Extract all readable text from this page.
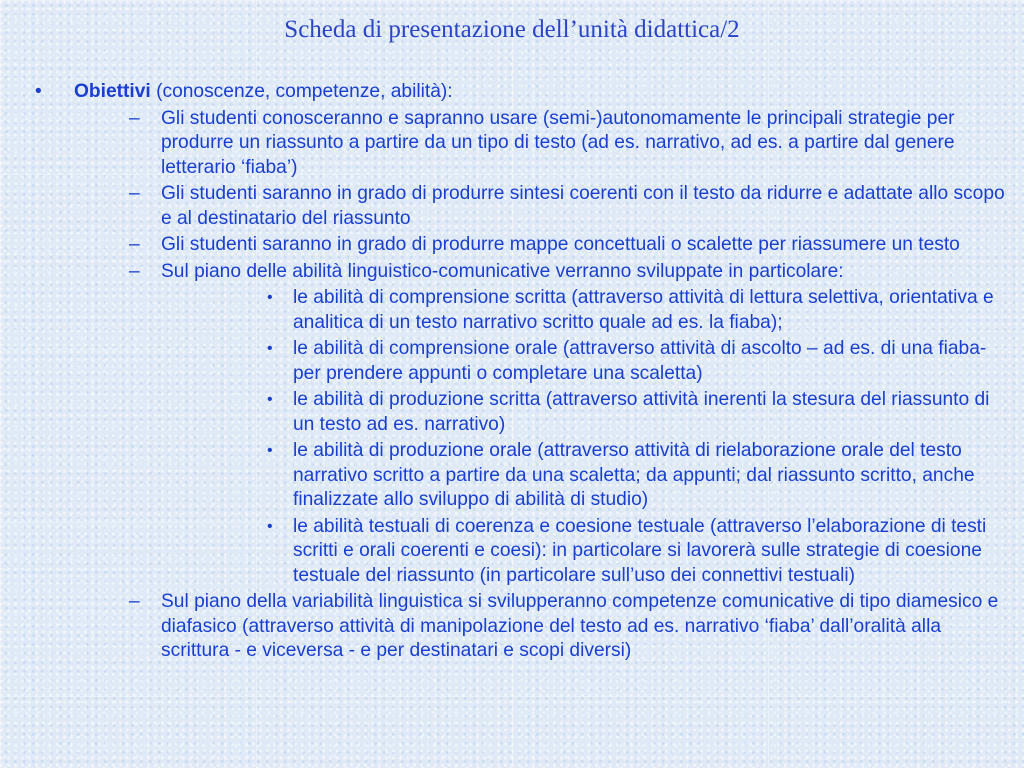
Scheda di presentazione dell’unità didattica/2
• Obiettivi (conoscenze, competenze, abilità):
– Gli studenti conosceranno e sapranno usare (semi-)autonomamente le principali strategie per produrre un riassunto a partire da un tipo di testo (ad es. narrativo, ad es. a partire dal genere letterario ‘fiaba’)
– Gli studenti saranno in grado di produrre sintesi coerenti con il testo da ridurre e adattate allo scopo e al destinatario del riassunto
– Gli studenti saranno in grado di produrre mappe concettuali o scalette per riassumere un testo
– Sul piano delle abilità linguistico-comunicative verranno sviluppate in particolare:
• le abilità di comprensione scritta (attraverso attività di lettura selettiva, orientativa e analitica di un testo narrativo scritto quale ad es. la fiaba);
• le abilità di comprensione orale (attraverso attività di ascolto – ad es. di una fiaba- per prendere appunti o completare una scaletta)
• le abilità di produzione scritta (attraverso attività inerenti la stesura del riassunto di un testo ad es. narrativo)
• le abilità di produzione orale (attraverso attività di rielaborazione orale del testo narrativo scritto a partire da una scaletta; da appunti; dal riassunto scritto, anche finalizzate allo sviluppo di abilità di studio)
• le abilità testuali di coerenza e coesione testuale (attraverso l’elaborazione di testi scritti e orali coerenti e coesi): in particolare si lavorerà sulle strategie di coesione testuale del riassunto (in particolare sull’uso dei connettivi testuali)
– Sul piano della variabilità linguistica si svilupperanno competenze comunicative di tipo diamesico e diafasico (attraverso attività di manipolazione del testo ad es. narrativo ‘fiaba’ dall’oralità alla scrittura - e viceversa - e per destinatari e scopi diversi)
